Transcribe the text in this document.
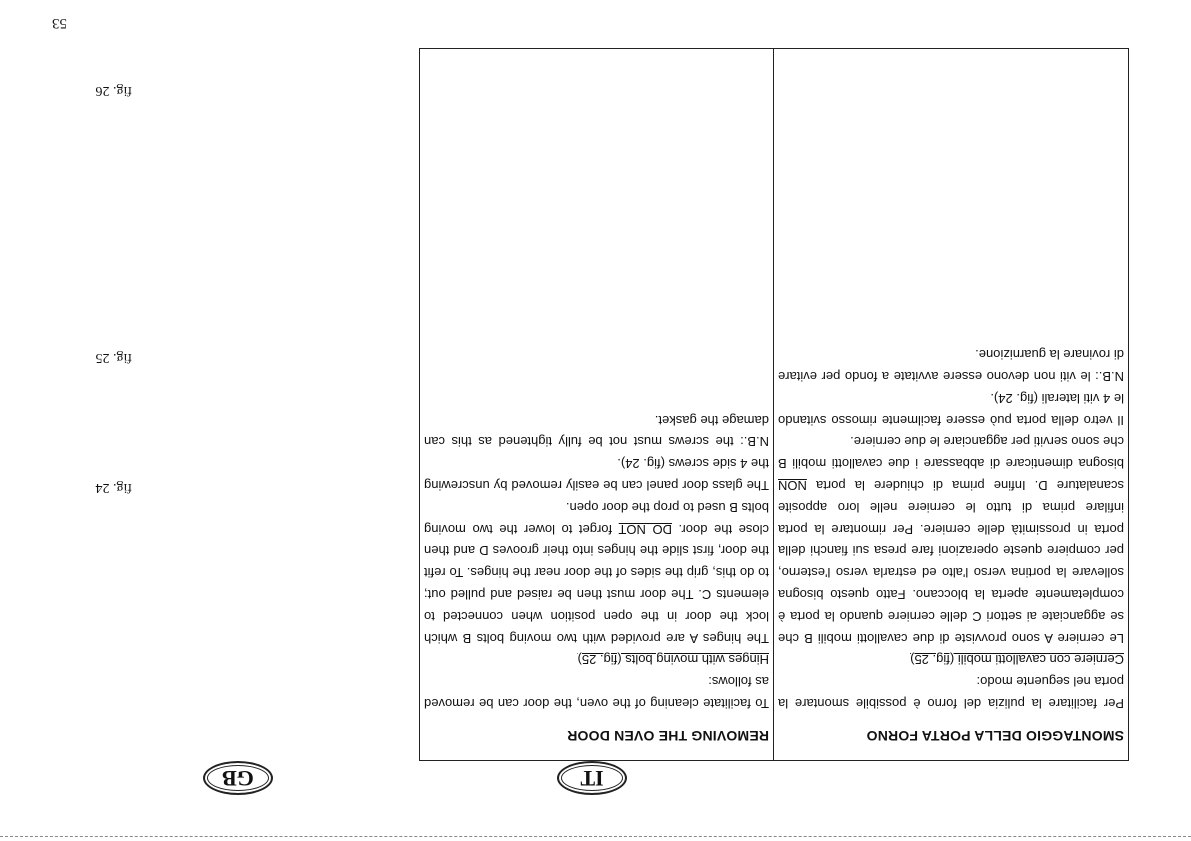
IT
GB
SMONTAGGIO DELLA PORTA FORNO

Per facilitare la pulizia del forno è possibile smontare la porta nel seguente modo:
Cerniere con cavallotti mobili (fig. 25)
Le cerniere A sono provviste di due cavallotti mobili B che se agganciate ai settori C delle cerniere quando la porta è completamente aperta la bloccano. Fatto questo bisogna sollevare la portina verso l'alto ed estrarla verso l'esterno, per compiere queste operazioni fare presa sui fianchi della porta in prossimità delle cerniere. Per rimontare la porta infilare prima di tutto le cerniere nelle loro apposite scanalature D. Infine prima di chiudere la porta NON bisogna dimenticare di abbassare i due cavallotti mobili B che sono serviti per agganciare le due cerniere.
Il vetro della porta può essere facilmente rimosso svitando le 4 viti laterali (fig. 24).
N.B.: le viti non devono essere avvitate a fondo per evitare di rovinare la guarnizione.

REMOVING THE OVEN DOOR

To facilitate cleaning of the oven, the door can be removed as follows:
Hinges with moving bolts (fig. 25)
The hinges A are provided with two moving bolts B which lock the door in the open position when connected to elements C. The door must then be raised and pulled out; to do this, grip the sides of the door near the hinges. To refit the door, first slide the hinges into their grooves D and then close the door. DO NOT forget to lower the two moving bolts B used to prop the door open.
The glass door panel can be easily removed by unscrewing the 4 side screws (fig. 24).
N.B.: the screws must not be fully tightened as this can damage the gasket.

fig. 24
fig. 25
fig. 26
53
